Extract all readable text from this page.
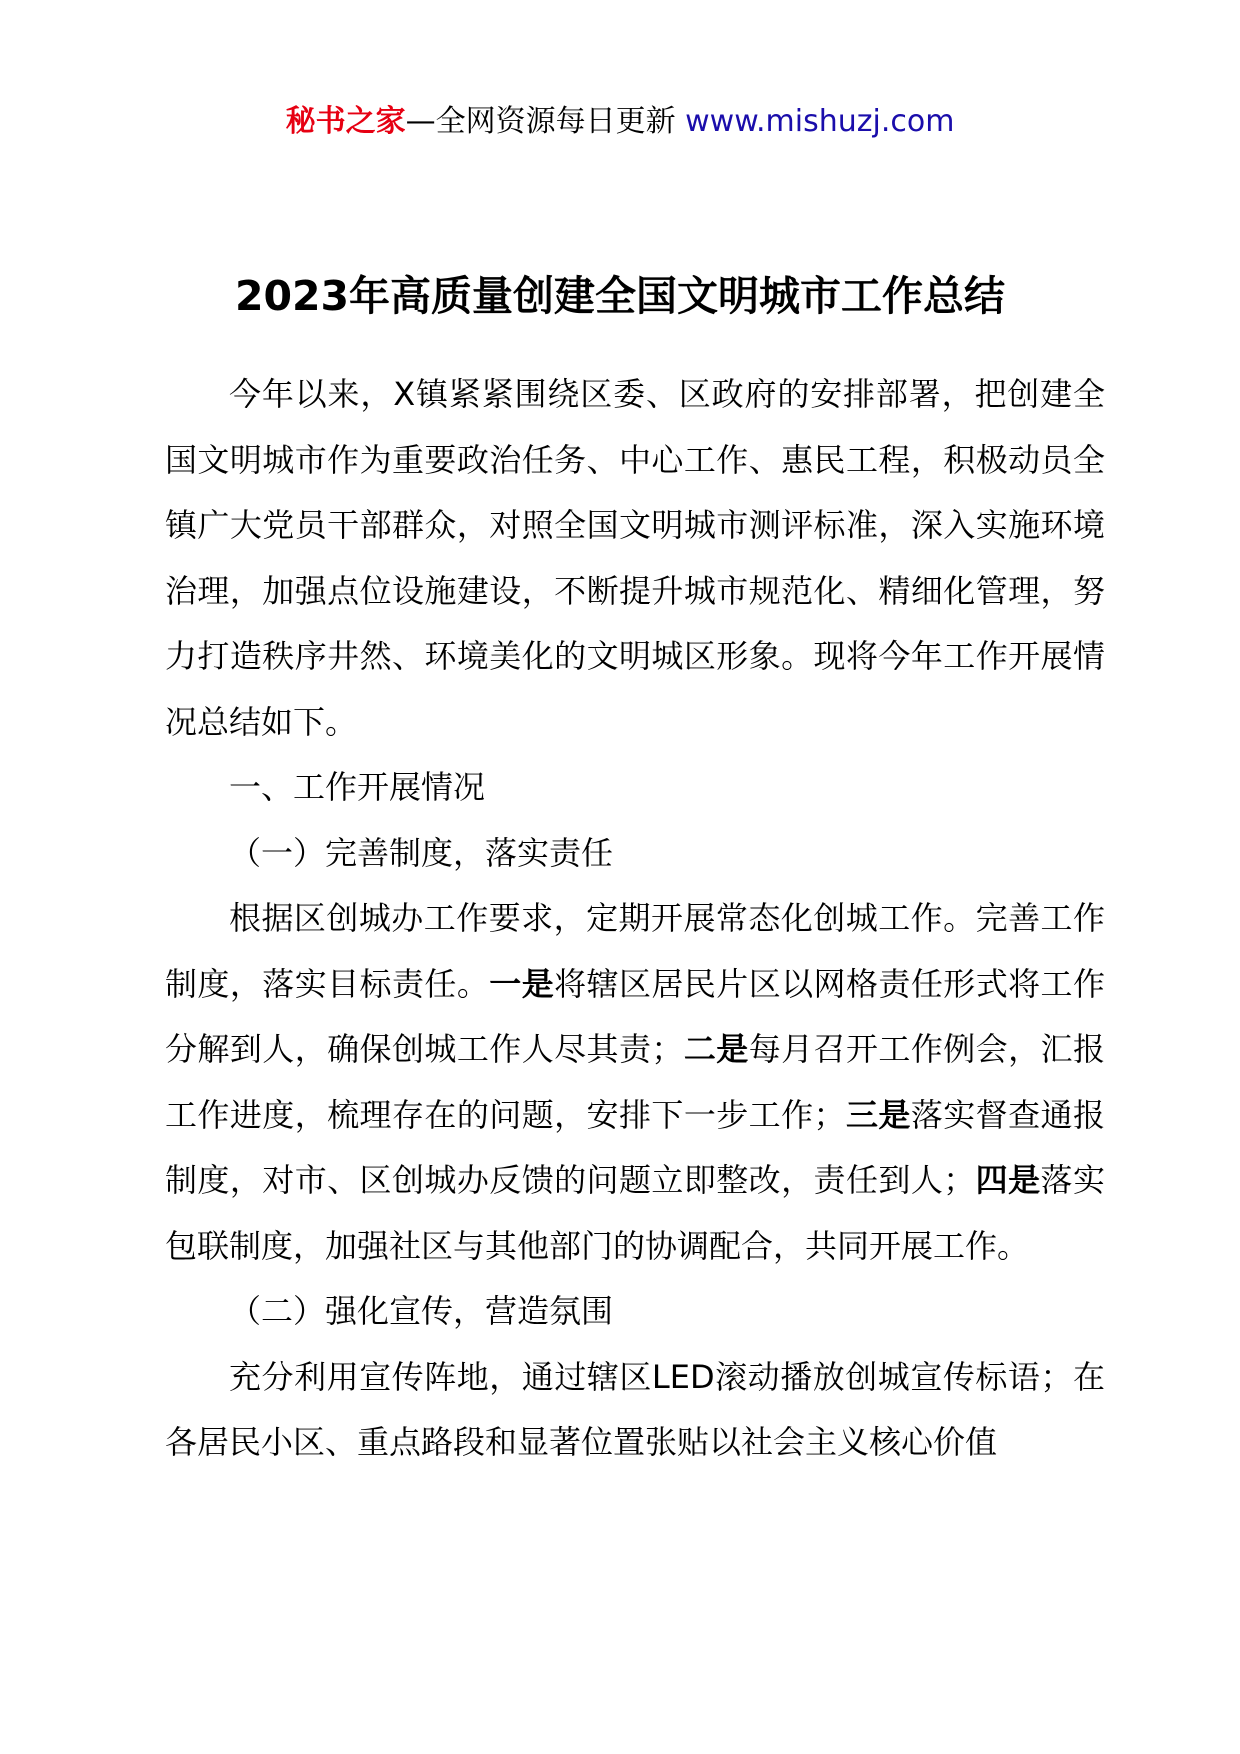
秘书之家—全网资源每日更新 www.mishuzj.com
2023年高质量创建全国文明城市工作总结

今年以来，X镇紧紧围绕区委、区政府的安排部署，把创建全国文明城市作为重要政治任务、中心工作、惠民工程，积极动员全镇广大党员干部群众，对照全国文明城市测评标准，深入实施环境治理，加强点位设施建设，不断提升城市规范化、精细化管理，努力打造秩序井然、环境美化的文明城区形象。现将今年工作开展情况总结如下。

一、工作开展情况

（一）完善制度，落实责任

根据区创城办工作要求，定期开展常态化创城工作。完善工作制度，落实目标责任。一是将辖区居民片区以网格责任形式将工作分解到人，确保创城工作人尽其责；二是每月召开工作例会，汇报工作进度，梳理存在的问题，安排下一步工作；三是落实督查通报制度，对市、区创城办反馈的问题立即整改，责任到人；四是落实包联制度，加强社区与其他部门的协调配合，共同开展工作。

（二）强化宣传，营造氛围

充分利用宣传阵地，通过辖区LED滚动播放创城宣传标语；在各居民小区、重点路段和显著位置张贴以社会主义核心价值
